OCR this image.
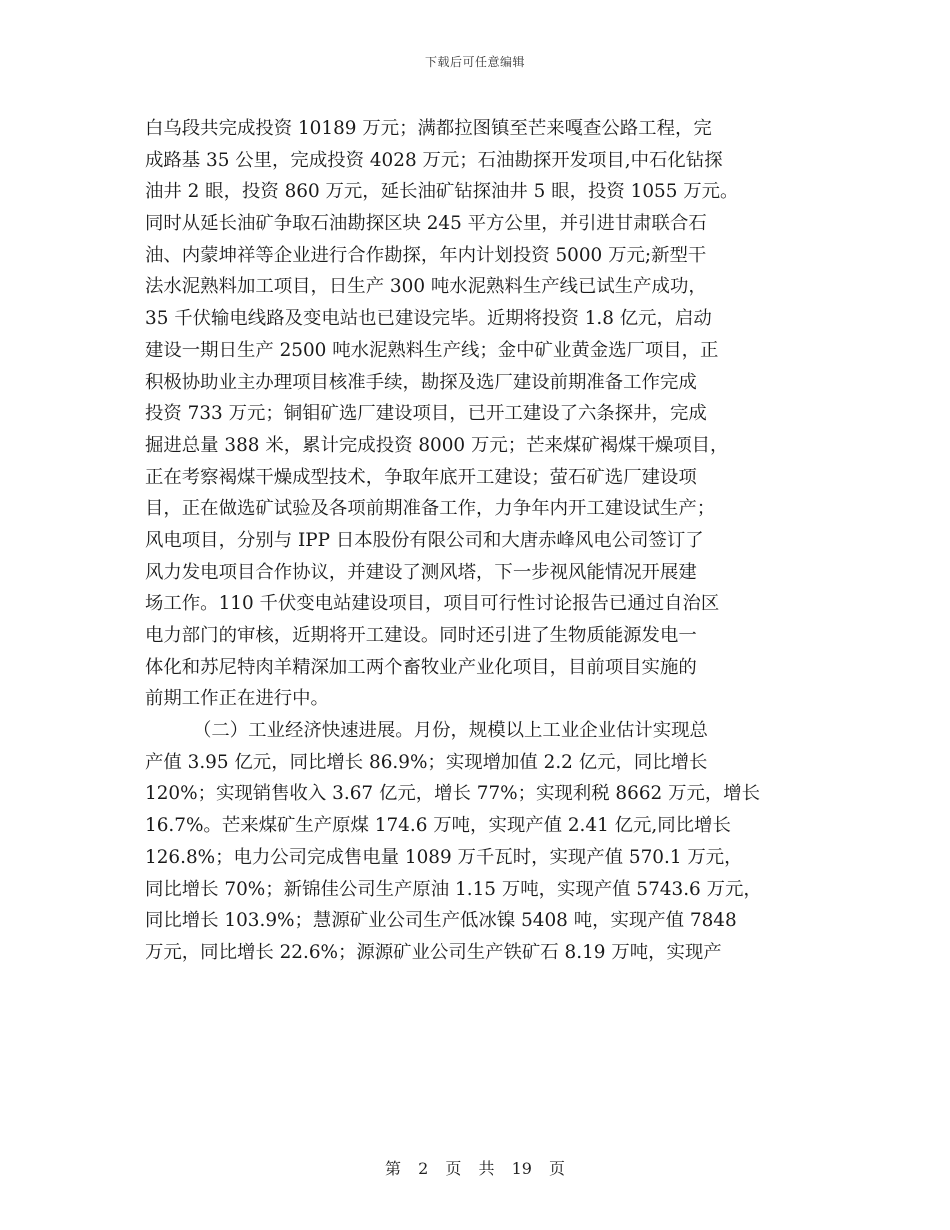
下载后可任意编辑
白乌段共完成投资 10189 万元；满都拉图镇至芒来嘎查公路工程，完
成路基 35 公里，完成投资 4028 万元；石油勘探开发项目,中石化钻探
油井 2 眼，投资 860 万元，延长油矿钻探油井 5 眼，投资 1055 万元。
同时从延长油矿争取石油勘探区块 245 平方公里，并引进甘肃联合石
油、内蒙坤祥等企业进行合作勘探，年内计划投资 5000 万元;新型干
法水泥熟料加工项目，日生产 300 吨水泥熟料生产线已试生产成功，
35 千伏输电线路及变电站也已建设完毕。近期将投资 1.8 亿元，启动
建设一期日生产 2500 吨水泥熟料生产线；金中矿业黄金选厂项目，正
积极协助业主办理项目核准手续，勘探及选厂建设前期准备工作完成
投资 733 万元；铜钼矿选厂建设项目，已开工建设了六条探井，完成
掘进总量 388 米，累计完成投资 8000 万元；芒来煤矿褐煤干燥项目，
正在考察褐煤干燥成型技术，争取年底开工建设；萤石矿选厂建设项
目，正在做选矿试验及各项前期准备工作，力争年内开工建设试生产；
风电项目，分别与 IPP 日本股份有限公司和大唐赤峰风电公司签订了
风力发电项目合作协议，并建设了测风塔，下一步视风能情况开展建
场工作。110 千伏变电站建设项目，项目可行性讨论报告已通过自治区
电力部门的审核，近期将开工建设。同时还引进了生物质能源发电一
体化和苏尼特肉羊精深加工两个畜牧业产业化项目，目前项目实施的
前期工作正在进行中。
（二）工业经济快速进展。月份，规模以上工业企业估计实现总
产值 3.95 亿元，同比增长 86.9%；实现增加值 2.2 亿元，同比增长
120%；实现销售收入 3.67 亿元，增长 77%；实现利税 8662 万元，增长
16.7%。芒来煤矿生产原煤 174.6 万吨，实现产值 2.41 亿元,同比增长
126.8%；电力公司完成售电量 1089 万千瓦时，实现产值 570.1 万元，
同比增长 70%；新锦佳公司生产原油 1.15 万吨，实现产值 5743.6 万元，
同比增长 103.9%；慧源矿业公司生产低冰镍 5408 吨，实现产值 7848
万元，同比增长 22.6%；源源矿业公司生产铁矿石 8.19 万吨，实现产
第 2 页 共 19 页
